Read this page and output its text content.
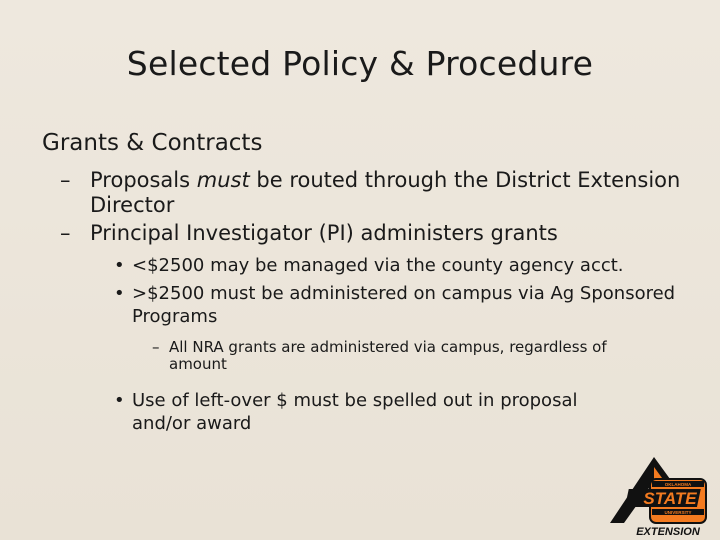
Selected Policy & Procedure
Grants & Contracts
– Proposals must be routed through the District Extension Director
– Principal Investigator (PI) administers grants
• <$2500 may be managed via the county agency acct.
• >$2500 must be administered on campus via Ag Sponsored Programs
– All NRA grants are administered via campus, regardless of amount
• Use of left-over $ must be spelled out in proposal and/or award
OKLAHOMA
STATE
UNIVERSITY
EXTENSION
